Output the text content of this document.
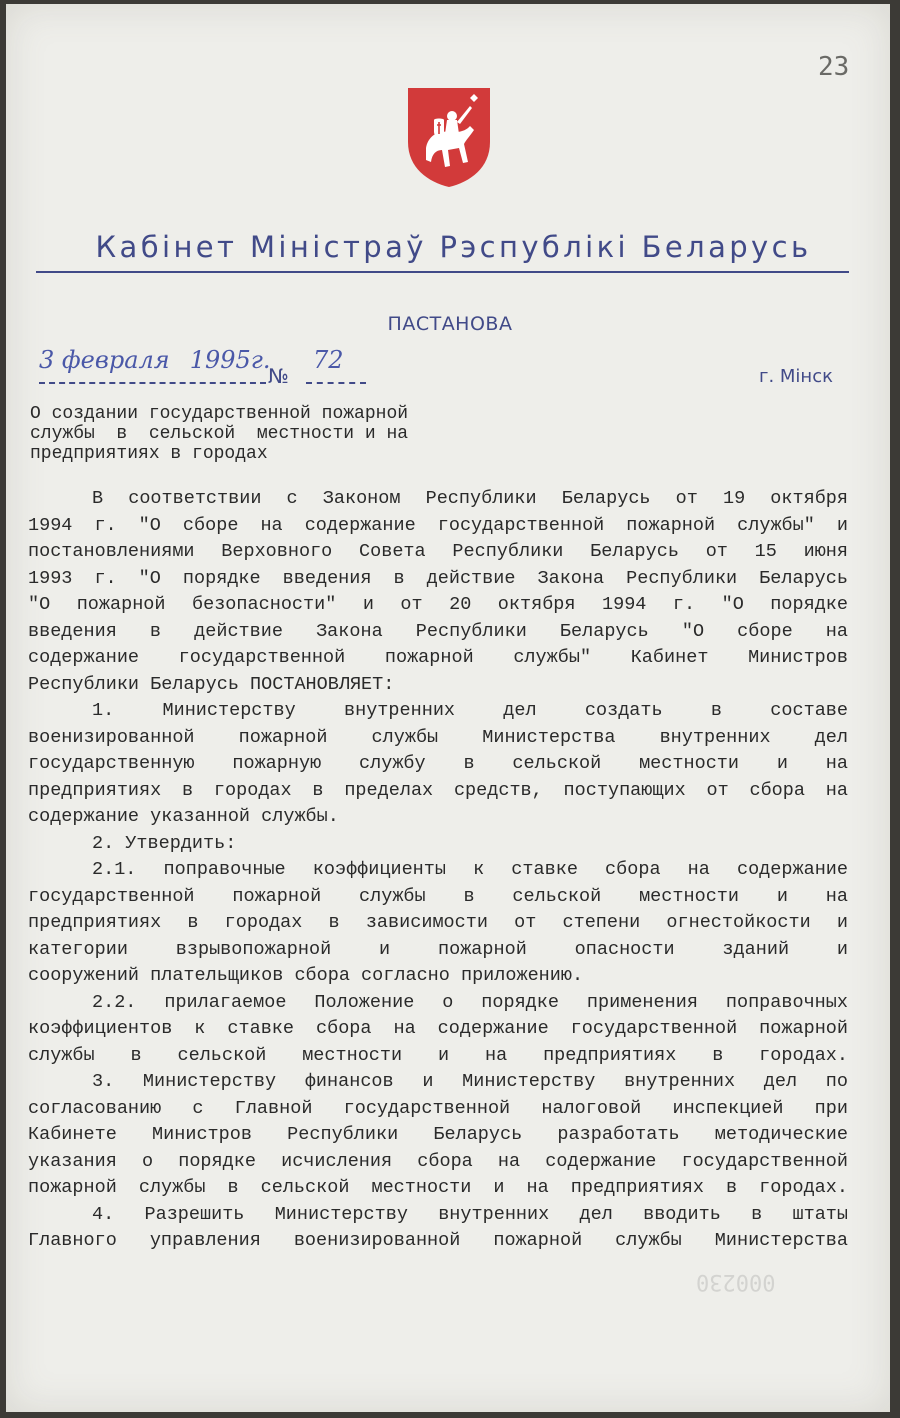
23
Кабінет Міністраў Рэспублікі Беларусь
ПАСТАНОВА
3 февраля 1995г.
№
72
г. Мінск
О создании государственной пожарной
службы  в  сельской  местности и на
предприятиях в городах
В соответствии с Законом Республики Беларусь от 19 октября
1994 г. "О сборе на содержание государственной пожарной службы" и
постановлениями Верховного Совета Республики Беларусь от 15 июня
1993 г. "О порядке введения в действие Закона Республики Беларусь
"О пожарной безопасности" и от 20 октября 1994 г. "О порядке
введения в действие Закона Республики Беларусь "О сборе на
содержание государственной пожарной службы" Кабинет Министров
Республики Беларусь ПОСТАНОВЛЯЕТ:
1. Министерству внутренних дел создать в составе
военизированной пожарной службы Министерства внутренних дел
государственную пожарную службу в сельской местности и на
предприятиях в городах в пределах средств, поступающих от сбора на
содержание указанной службы.
2. Утвердить:
2.1. поправочные коэффициенты к ставке сбора на содержание
государственной пожарной службы в сельской местности и на
предприятиях в городах в зависимости от степени огнестойкости и
категории взрывопожарной и пожарной опасности зданий и
сооружений плательщиков сбора согласно приложению.
2.2. прилагаемое Положение о порядке применения поправочных
коэффициентов к ставке сбора на содержание государственной пожарной
службы в сельской местности и на предприятиях в городах.
3. Министерству финансов и Министерству внутренних дел по
согласованию с Главной государственной налоговой инспекцией при
Кабинете Министров Республики Беларусь разработать методические
указания о порядке исчисления сбора на содержание государственной
пожарной службы в сельской местности и на предприятиях в городах.
4. Разрешить Министерству внутренних дел вводить в штаты
Главного управления военизированной пожарной службы Министерства
000230
